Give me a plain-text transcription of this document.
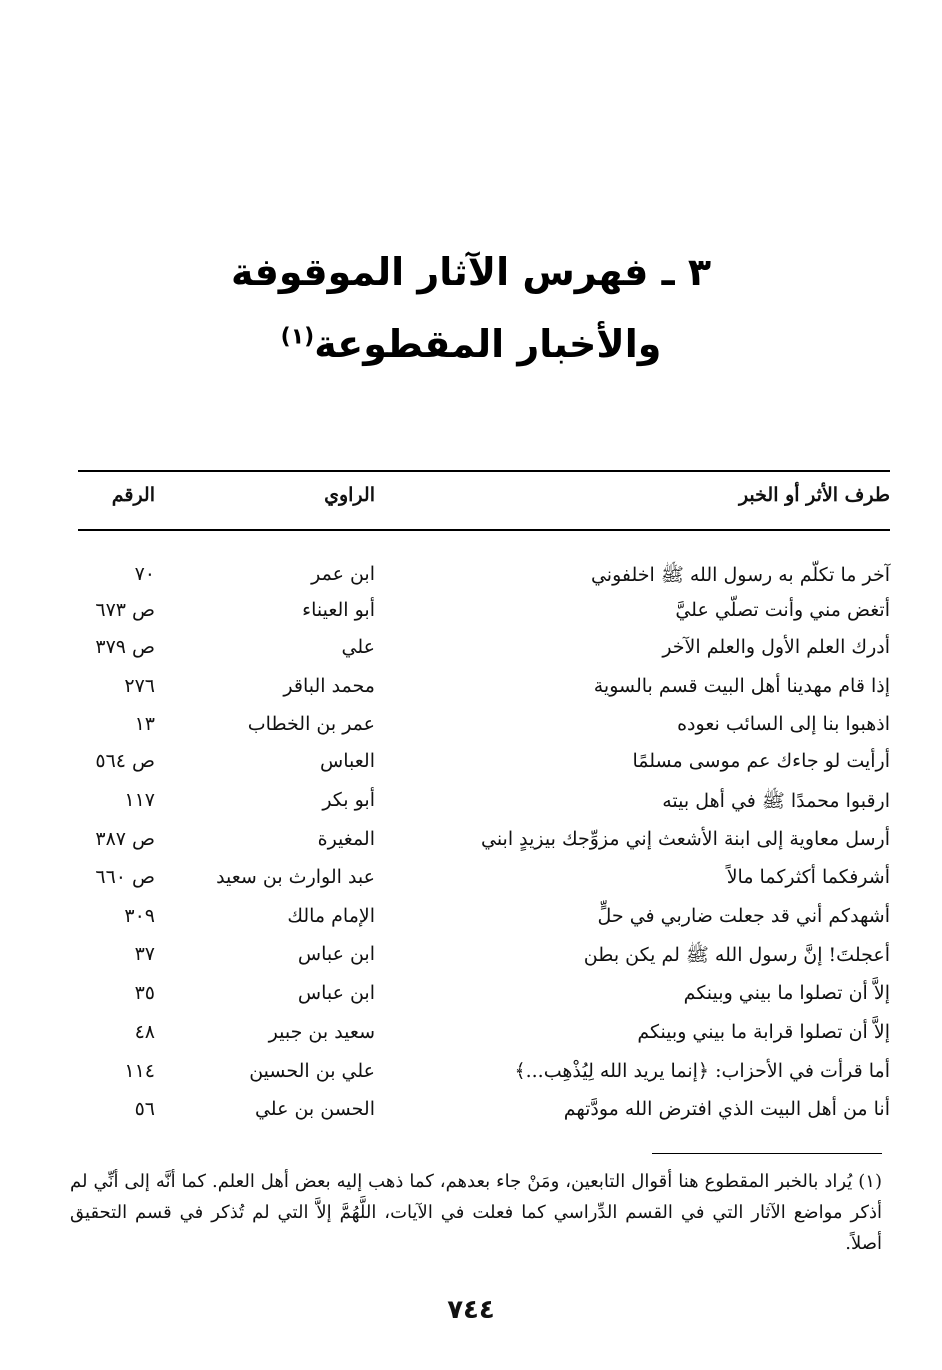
٣ ـ فهرس الآثار الموقوفة
والأخبار المقطوعة$^{(١)}$
طرف الأثر أو الخبر
الراوي
الرقم
آخر ما تكلّم به رسول الله ﷺ اخلفوني
ابن عمر
٧٠
أتغض مني وأنت تصلّي عليَّ
أبو العيناء
ص ٦٧٣
أدرك العلم الأول والعلم الآخر
علي
ص ٣٧٩
إذا قام مهدينا أهل البيت قسم بالسوية
محمد الباقر
٢٧٦
اذهبوا بنا إلى السائب نعوده
عمر بن الخطاب
١٣
أرأيت لو جاءك عم موسى مسلمًا
العباس
ص ٥٦٤
ارقبوا محمدًا ﷺ في أهل بيته
أبو بكر
١١٧
أرسل معاوية إلى ابنة الأشعث إني مزوِّجك بيزيدٍ ابني
المغيرة
ص ٣٨٧
أشرفكما أكثركما مالاً
عبد الوارث بن سعيد
ص ٦٦٠
أشهدكم أني قد جعلت ضاربي في حلٍّ
الإمام مالك
٣٠٩
أعجلتَ! إنَّ رسول الله ﷺ لم يكن بطن
ابن عباس
٣٧
إلاَّ أن تصلوا ما بيني وبينكم
ابن عباس
٣٥
إلاَّ أن تصلوا قرابة ما بيني وبينكم
سعيد بن جبير
٤٨
أما قرأت في الأحزاب: ﴿إنما يريد الله لِيُذْهِب...﴾
علي بن الحسين
١١٤
أنا من أهل البيت الذي افترض الله مودَّتهم
الحسن بن علي
٥٦
(١) يُراد بالخبر المقطوع هنا أقوال التابعين، ومَنْ جاء بعدهم، كما ذهب إليه بعض أهل العلم. كما أنَّه إلى أنِّي لم أذكر مواضع الآثار التي في القسم الدِّراسي كما فعلت في الآيات، اللَّهُمَّ إلاَّ التي لم تُذكر في قسم التحقيق أصلاً.
٧٤٤
